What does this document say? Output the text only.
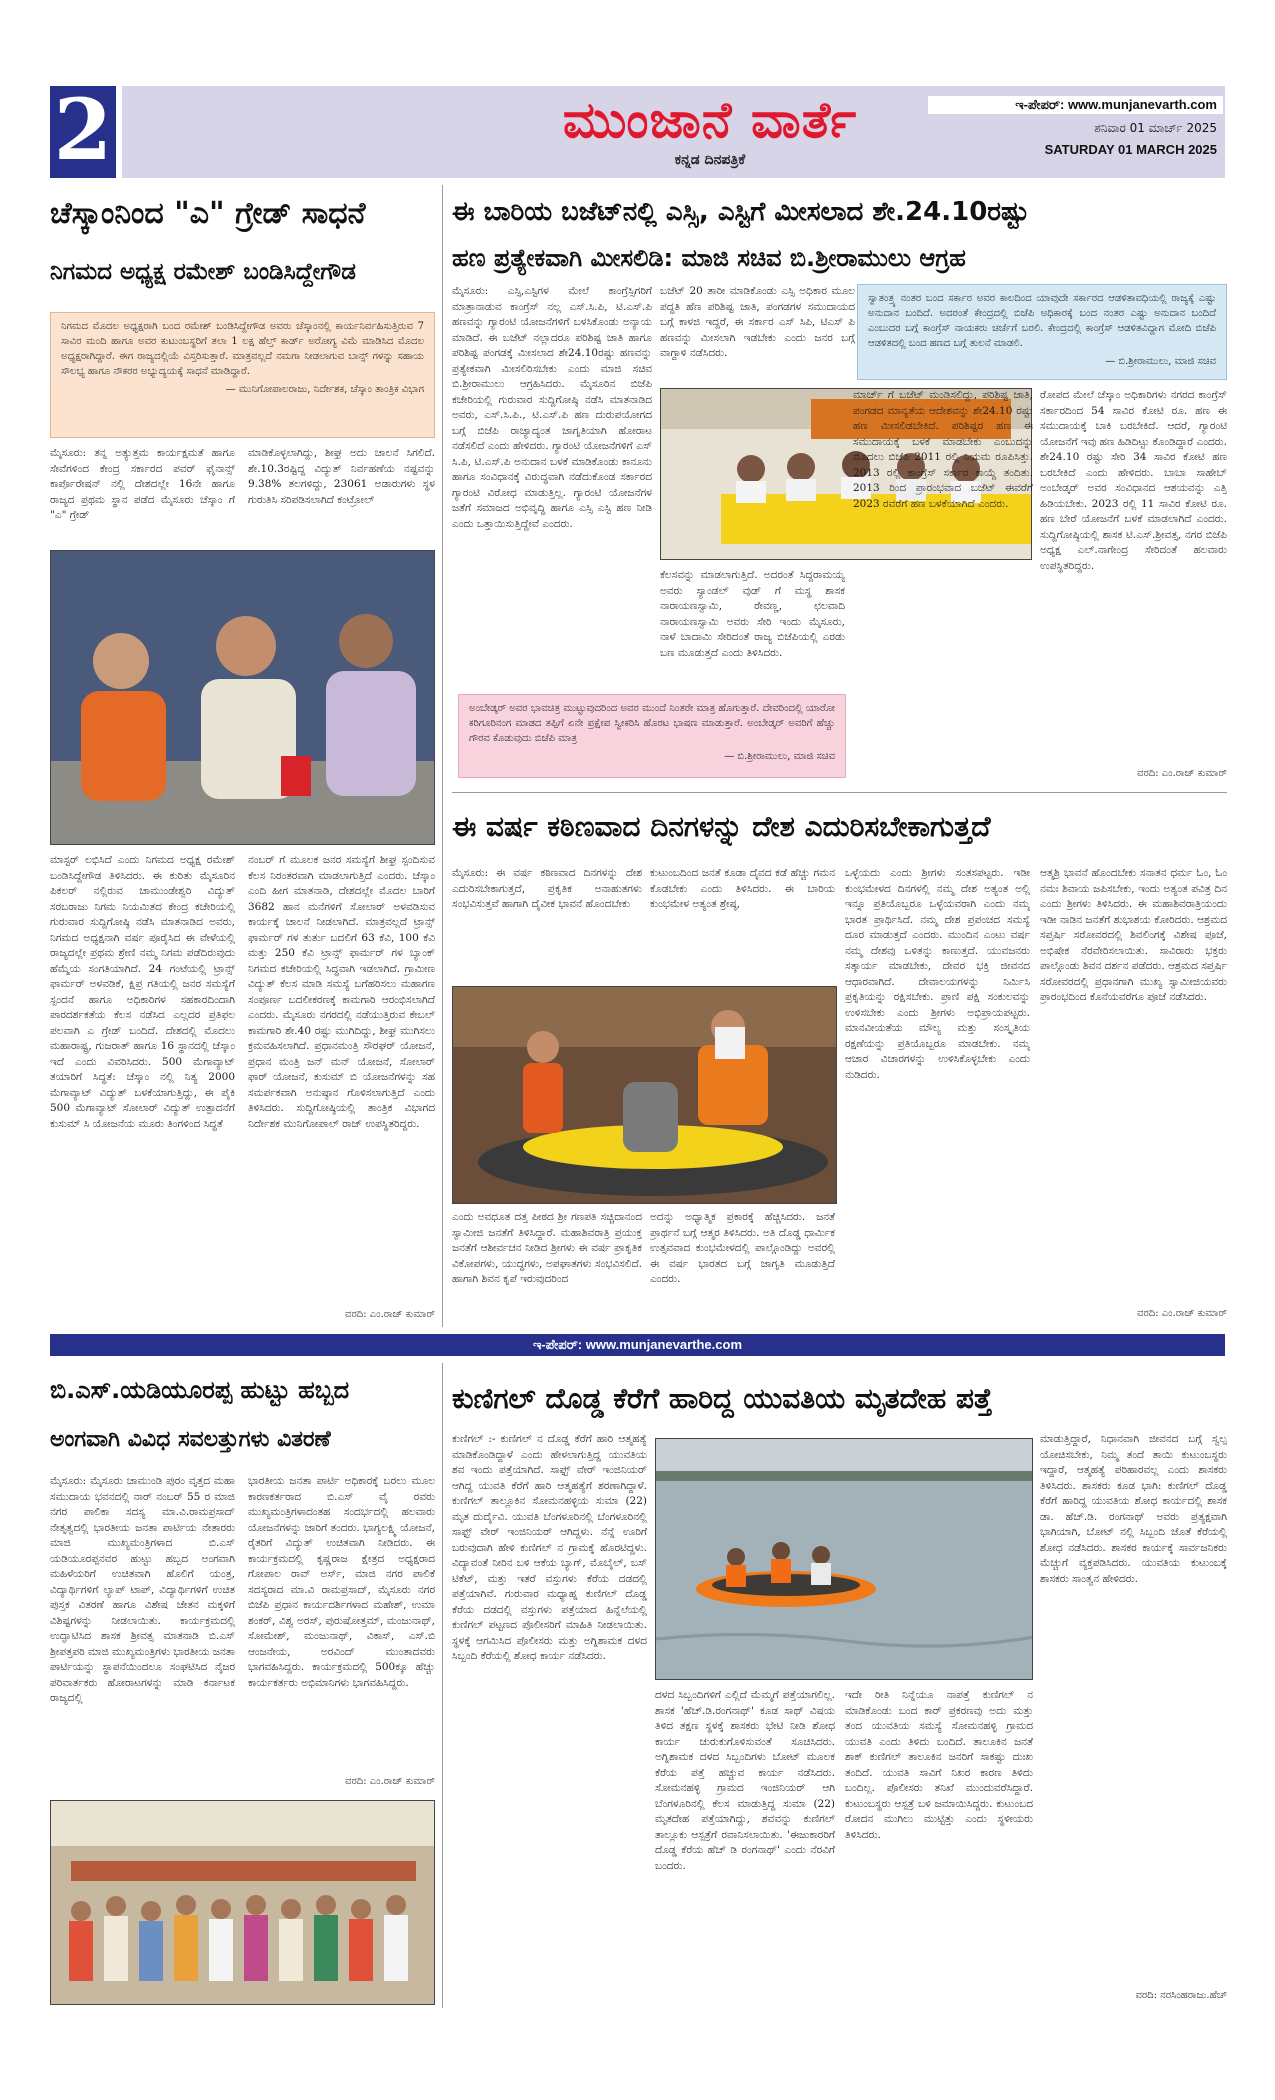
2	ಮುಂಜಾನೆ ವಾರ್ತೆ
ಕನ್ನಡ ದಿನಪತ್ರಿಕೆ
ಇ-ಪೇಪರ್: www.munjanevarth.com
ಶನಿವಾರ 01 ಮಾರ್ಚ್ 2025
SATURDAY 01 MARCH 2025
ಚೆಸ್ಕಾಂನಿಂದ "ಎ" ಗ್ರೇಡ್ ಸಾಧನೆ
ನಿಗಮದ ಅಧ್ಯಕ್ಷ ರಮೇಶ್ ಬಂಡಿಸಿದ್ದೇಗೌಡ
ನಿಗಮದ ಮೊದಲ ಅಧ್ಯಕ್ಷರಾಗಿ ಬಂದ ರಮೇಶ್ ಬಂಡಿಸಿದ್ದೇಗೌಡ ಅವರು ಚೆಸ್ಕಾಂನಲ್ಲಿ ಕಾರ್ಯನಿರ್ವಹಿಸುತ್ತಿರುವ 7 ಸಾವಿರ ಮಂದಿ ಹಾಗೂ ಅವರ ಕುಟುಂಬಸ್ಥರಿಗೆ ತಲಾ 1 ಲಕ್ಷ ಹೆಲ್ತ್ ಕಾರ್ಡ್ ಅರೋಗ್ಯ ವಿಮೆ ಮಾಡಿಸಿದ ಮೊದಲ ಅಧ್ಯಕ್ಷರಾಗಿದ್ದಾರೆ. ಈಗ ರಾಜ್ಯದಲ್ಲಿಯೆ ವಿಸ್ತರಿಸುತ್ತಾರೆ. ಮಾತ್ರವಲ್ಲದೆ ನಮಗಾ ನೀಡಲಾಗುವ ಬಾನ್ಸ್ ಗಳನ್ನು ಸಹಾಯ ಸೌಲಭ್ಯ ಹಾಗೂ ನೌಕರರ ಅಭ್ಯುದ್ಯಯಕ್ಕೆ ಸಾಧನೆ ಮಾಡಿದ್ದಾರೆ.
— ಮುನಿಗೋಪಾಲರಾಜು, ನಿರ್ದೇಶಕ, ಚೆಸ್ಕಾಂ ತಾಂತ್ರಿಕ ವಿಭಾಗ
ಮೈಸೂರು: ತನ್ನ ಅತ್ಯುತ್ತಮ ಕಾರ್ಯಕ್ಷಮತೆ ಹಾಗೂ ಸೇವೆಗಳಿಂದ ಕೇಂದ್ರ ಸರ್ಕಾರದ ಪವರ್ ಫೈನಾನ್ಸ್ ಕಾರ್ಪೊರೇಷನ್ ನಲ್ಲಿ ದೇಶದಲ್ಲೇ 16ನೇ ಹಾಗೂ ರಾಜ್ಯದ ಪ್ರಥಮ ಸ್ಥಾನ ಪಡೆದ ಮೈಸೂರು ಚೆಸ್ಕಾಂ ಗೆ "ಎ" ಗ್ರೇಡ್
ಮಾಡಿಕೊಳ್ಳಲಾಗಿದ್ದು, ಶೀಘ್ರ ಅದು ಚಾಲನೆ ಸಿಗಲಿದೆ. ಶೇ.10.3ರಷ್ಟಿದ್ದ ವಿದ್ಯುತ್ ನಿರ್ವಹಣೆಯ ನಷ್ಟವನ್ನು 9.38% ತಲಗಳಿದ್ದು, 23061 ಅಡಾರುಗಳು ಸ್ಥಳ ಗುರುತಿಸಿ ಸರಿಪಡಿಸಲಾಗಿದೆ ಕಂಟ್ರೋಲ್
ಮಾಸ್ಟರ್ ಲಭಿಸಿದೆ ಎಂದು ನಿಗಮದ ಅಧ್ಯಕ್ಷ ರಮೇಶ್ ಬಂಡಿಸಿದ್ದೇಗೌಡ ತಿಳಿಸಿದರು. ಈ ಕುರಿತು ಮೈಸೂರಿನ ಪಿಕಲರ್ ನಲ್ಲಿರುವ ಚಾಮುಂಡೇಶ್ವರಿ ವಿದ್ಯುತ್ ಸರಬರಾಜು ನಿಗಮ ನಿಯಮಿತದ ಕೇಂದ್ರ ಕಚೇರಿಯಲ್ಲಿ ಗುರುವಾರ ಸುದ್ದಿಗೋಷ್ಠಿ ನಡೆಸಿ ಮಾತನಾಡಿದ ಅವರು, ನಿಗಮದ ಅಧ್ಯಕ್ಷನಾಗಿ ವರ್ಷ ಪೂರೈಸಿದ ಈ ವೇಳೆಯಲ್ಲಿ ರಾಜ್ಯದಲ್ಲೇ ಪ್ರಥಮ ಶ್ರೇಣಿ ನಮ್ಮ ನಿಗಮ ಪಡೆದಿರುವುದು ಹೆಮ್ಮೆಯ ಸಂಗತಿಯಾಗಿದೆ. 24 ಗಂಟೆಯಲ್ಲಿ ಟ್ರಾನ್ಸ್ ಫಾರ್ಮರ್ ಅಳವಡಿಕೆ, ಕ್ಷಿಪ್ರ ಗತಿಯಲ್ಲಿ ಜನರ ಸಮಸ್ಯೆಗೆ ಸ್ಪಂದನೆ ಹಾಗೂ ಅಧಿಕಾರಿಗಳ ಸಹಕಾರದಿಂದಾಗಿ ಪಾರದರ್ಶಕತೆಯ ಕೆಲಸ ನಡೆಸಿದ ಎಲ್ಲದರ ಪ್ರತಿಫಲ ಪಲವಾಗಿ ಎ ಗ್ರೇಡ್ ಬಂದಿದೆ. ದೇಶದಲ್ಲಿ ಮೊದಲು ಮಹಾರಾಷ್ಟ್ರ, ಗುಜರಾತ್ ಹಾಗೂ 16 ಸ್ಥಾನದಲ್ಲಿ ಚೆಸ್ಕಾಂ ಇದೆ ಎಂದು ವಿವರಿಸಿದರು. 500 ಮೆಗಾವ್ಯಾಟ್ ತಯಾರಿಗೆ ಸಿದ್ಧತೆ: ಚೆಸ್ಕಾಂ ನಲ್ಲಿ ನಿತ್ಯ 2000 ಮೆಗಾವ್ಯಾಟ್ ವಿದ್ಯುತ್ ಬಳಕೆಯಾಗುತ್ತಿದ್ದು, ಈ ಪೈಕಿ 500 ಮೆಗಾವ್ಯಾಟ್ ಸೋಲಾರ್ ವಿದ್ಯುತ್ ಉತ್ಪಾದನೆಗೆ ಕುಸುಮ್ ಸಿ ಯೋಜನೆಯ ಮೂರು ತಿಂಗಳಿಂದ ಸಿದ್ಧತೆ
ನಂಬರ್ ಗೆ ಮೂಲಕ ಜನರ ಸಮಸ್ಯೆಗೆ ಶೀಘ್ರ ಸ್ಪಂದಿಸುವ ಕೆಲಸ ನಿರಂತರವಾಗಿ ಮಾಡಲಾಗುತ್ತಿದೆ ಎಂದರು. ಚೆಸ್ಕಾಂ ಎಂದಿ ಹೀಗ ಮಾತನಾಡಿ, ದೇಶದಲ್ಲೇ ಮೊದಲ ಬಾರಿಗೆ 3682 ಹಾನ ಮನೆಗಳಿಗೆ ಸೋಲಾರ್ ಅಳವಡಿಸುವ ಕಾರ್ಯಕ್ಕೆ ಚಾಲನೆ ನೀಡಲಾಗಿದೆ. ಮಾತ್ರವಲ್ಲದೆ ಟ್ರಾನ್ಸ್ ಫಾರ್ಮರ್ ಗಳ ತುರ್ತು ಬದಲಿಗೆ 63 ಕೆವಿ, 100 ಕೆವಿ ಮತ್ತು 250 ಕೆವಿ ಟ್ರಾನ್ಸ್ ಫಾರ್ಮರ್ ಗಳ ಬ್ಯಾಂಕ್ ನಿಗಮದ ಕಚೇರಿಯಲ್ಲಿ ಸಿದ್ಧವಾಗಿ ಇಡಲಾಗಿದೆ. ಗ್ರಾಮೀಣ ವಿದ್ಯುತ್ ಕೆಲಸ ಮಾಡಿ ಸಮಸ್ಯೆ ಬಗೆಹರಿಸಲು ಮಹಾಗಣ ಸಂಪೂರ್ಣ ಬದಲೀಕರಣಕ್ಕೆ ಕಾಮಗಾರಿ ಆರಂಭಿಸಲಾಗಿದೆ ಎಂದರು. ಮೈಸೂರು ನಗರದಲ್ಲಿ ನಡೆಯುತ್ತಿರುವ ಕೇಬಲ್ ಕಾಮಗಾರಿ ಶೇ.40 ರಷ್ಟು ಮುಗಿದಿದ್ದು, ಶೀಘ್ರ ಮುಗಿಸಲು ಕ್ರಮವಹಿಸಲಾಗಿದೆ. ಪ್ರಧಾನಮಂತ್ರಿ ಸೌರಘರ್ ಯೋಜನೆ, ಪ್ರಧಾನ ಮಂತ್ರಿ ಜನ್ ಮನ್ ಯೋಜನೆ, ಸೋಲಾರ್ ಫಾರ್ ಯೋಜನೆ, ಕುಸುಮ್ ಬಿ ಯೋಜನೆಗಳನ್ನು ಸಹ ಸಮರ್ಪಕವಾಗಿ ಅನುಷ್ಠಾನ ಗೊಳಿಸಲಾಗುತ್ತಿದೆ ಎಂದು ತಿಳಿಸಿದರು. ಸುದ್ದಿಗೋಷ್ಠಿಯಲ್ಲಿ ತಾಂತ್ರಿಕ ವಿಭಾಗದ ನಿರ್ದೇಶಕ ಮುನಿಗೋಪಾಲ್ ರಾಜ್ ಉಪಸ್ಥಿತರಿದ್ದರು.
ವರದಿ: ಎಂ.ರಾಜ್ ಕುಮಾರ್
ಈ ಬಾರಿಯ ಬಜೆಟ್‌ನಲ್ಲಿ ಎಸ್ಸಿ, ಎಸ್ಟಿಗೆ ಮೀಸಲಾದ ಶೇ.24.10ರಷ್ಟು
ಹಣ ಪ್ರತ್ಯೇಕವಾಗಿ ಮೀಸಲಿಡಿ: ಮಾಜಿ ಸಚಿವ ಬಿ.ಶ್ರೀರಾಮುಲು ಆಗ್ರಹ
ಮೈಸೂರು: ಎಸ್ಸಿ,ಎಸ್ಟಿಗಳ ಮೇಲೆ ಕಾಂಗ್ರೆಸ್ಸಿಗರಿಗೆ ಮಾತ್ರಾನಾಡುವ ಕಾಂಗ್ರೆಸ್ ನಲ್ಲ ಎಸ್.ಸಿ.ಪಿ, ಟಿ.ಎಸ್.ಪಿ ಹಣವನ್ನು ಗ್ಯಾರಂಟಿ ಯೋಜನೆಗಳಿಗೆ ಬಳಸಿಕೊಂಡು ಅನ್ಯಾಯ ಮಾಡಿದೆ. ಈ ಬಜೆಟ್ ನಲ್ಲಾದರೂ ಪರಿಶಿಷ್ಟ ಜಾತಿ ಹಾಗೂ ಪರಿಶಿಷ್ಟ ಪಂಗಡಕ್ಕೆ ಮೀಸಲಾದ ಶೇ24.10ರಷ್ಟು ಹಣವನ್ನು ಪ್ರತ್ಯೇಕವಾಗಿ ಮೀಸಲಿರಿಸಬೇಕು ಎಂದು ಮಾಜಿ ಸಚಿವ ಬಿ.ಶ್ರೀರಾಮುಲು ಆಗ್ರಹಿಸಿದರು. ಮೈಸೂರಿನ ಬಿಜೆಪಿ ಕಚೇರಿಯಲ್ಲಿ ಗುರುವಾರ ಸುದ್ದಿಗೋಷ್ಠಿ ನಡೆಸಿ ಮಾತನಾಡಿದ ಅವರು, ಎಸ್.ಸಿ.ಪಿ., ಟಿ.ಎಸ್.ಪಿ ಹಣ ದುರುಪಯೋಗದ ಬಗ್ಗೆ ಬಿಜೆಪಿ ರಾಜ್ಯಾದ್ಯಂತ ಜಾಗೃತಿಯಾಗಿ ಹೋರಾಟ ನಡೆಸಲಿದೆ ಎಂದು ಹೇಳಿದರು. ಗ್ಯಾರಂಟಿ ಯೋಜನೆಗಳಿಗೆ ಎಸ್ ಸಿ.ಪಿ, ಟಿ.ಎಸ್.ಪಿ ಅನುದಾನ ಬಳಕೆ ಮಾಡಿಕೊಂಡು ಕಾನೂನು ಹಾಗೂ ಸಂವಿಧಾನಕ್ಕೆ ವಿರುದ್ಧವಾಗಿ ನಡೆದುಕೊಂಡ ಸರ್ಕಾರದ ಗ್ಯಾರಂಟಿ ವಿರೋಧ ಮಾಡುತ್ತಿಲ್ಲ. ಗ್ಯಾರಂಟಿ ಯೋಜನೆಗಳ ಜತೆಗೆ ಸಮಾಜದ ಅಭಿವೃದ್ಧಿ ಹಾಗೂ ಎಸ್ಸಿ ಎಸ್ಟಿ ಹಣ ನೀಡಿ ಎಂದು ಒತ್ತಾಯಿಸುತ್ತಿದ್ದೇವೆ ಎಂದರು.
ಬಜೆಟ್ 20 ತಾರೀ ಮಾಡಿಕೊಂಡು ಎಸ್ಸಿ ಅಧಿಕಾರ ಮೂಲ ಪದ್ಧತಿ ಹೆಣ ಪರಿಶಿಷ್ಟ ಜಾತಿ, ಪಂಗಡಗಳ ಸಮುದಾಯದ ಬಗ್ಗೆ ಕಾಳಜಿ ಇದ್ದರೆ, ಈ ಸರ್ಕಾರ ಎಸ್ ಸಿಪಿ, ಟಿಎಸ್ ಪಿ ಹಣವನ್ನು ಮೀಸಲಾಗಿ ಇಡಬೇಕು ಎಂದು ಜನರ ಬಗ್ಗೆ ವಾಗ್ದಾಳಿ ನಡೆಸಿದರು.
ಸ್ವಾತಂತ್ರ್ಯ ನಂತರ ಬಂದ ಸರ್ಕಾರ ಅವರ ಕಾಲದಿಂದ ಯಾವುದೇ ಸರ್ಕಾರದ ಆಡಳಿತಾವಧಿಯಲ್ಲಿ ರಾಜ್ಯಕ್ಕೆ ಎಷ್ಟು ಅನುದಾನ ಬಂದಿದೆ. ಅದರಂತೆ ಕೇಂದ್ರದಲ್ಲಿ ಬಿಜೆಪಿ ಅಧಿಕಾರಕ್ಕೆ ಬಂದ ನಂತರ ಎಷ್ಟು ಅನುದಾನ ಬಂದಿದೆ ಎಂಬುದರ ಬಗ್ಗೆ ಕಾಂಗ್ರೆಸ್ ನಾಯಕರು ಚರ್ಚೆಗೆ ಬರಲಿ. ಕೇಂದ್ರದಲ್ಲಿ ಕಾಂಗ್ರೆಸ್ ಆಡಳಿತವಿದ್ದಾಗ ಮೋದಿ ಬಿಜೆಪಿ ಆಡಳಿತದಲ್ಲಿ ಬಂದ ಹಣದ ಬಗ್ಗೆ ತುಲನೆ ಮಾಡಲಿ.
— ಬಿ.ಶ್ರೀರಾಮುಲು, ಮಾಜಿ ಸಚಿವ
ಕೆಲಸವನ್ನು ಮಾಡಲಾಗುತ್ತಿದೆ. ಅದರಂತೆ ಸಿದ್ದರಾಮಯ್ಯ ಅವರು ಸ್ಯಾಂಡಲ್ ವುಡ್ ಗೆ ಮಸ್ಥ ಶಾಸಕ ನಾರಾಯಣಸ್ವಾಮಿ, ರೇವಣ್ಣ, ಛಲವಾದಿ ನಾರಾಯಣಸ್ವಾಮಿ ಅವರು ಸೇರಿ ಇಂದು ಮೈಸೂರು, ನಾಳೆ ಬಾದಾಮಿ ಸೇರಿದಂತೆ ರಾಜ್ಯ ಬಿಜೆಪಿಯಲ್ಲಿ ಎರಡು ಬಣ ಮೂಡುತ್ತದೆ ಎಂದು ತಿಳಿಸಿದರು.
ಮಾರ್ಚ್ ಗೆ ಬಜೆಟ್ ಮಂಡಿಸಲಿದ್ದು, ಪರಿಶಿಷ್ಟ ಜಾತಿ, ಪಂಗಡದ ಮಾನ್ಯತೆಯ ಆದೇಶವನ್ನು ಶೇ24.10 ರಷ್ಟು ಹಣ ಮೀಸಲಿಡಬೇಕಿದೆ. ಪರಿಶಿಷ್ಟರ ಹಣ ಈ ಸಮುದಾಯಕ್ಕೆ ಬಳಕೆ ಮಾಡಬೇಕು ಎಂಬುದನ್ನು ಮೊದಲು ಬಿಜೆಪಿ 2011 ರಲ್ಲಿ ನಿಯಮ ರೂಪಿಸಿತ್ತು. 2013 ರಲ್ಲಿ ಕಾಂಗ್ರೆಸ್ ಸರ್ಕಾರ ಕಾಯ್ದೆ ತಂದಿತು. 2013 ರಿಂದ ಪ್ರಾರಂಭವಾದ ಬಜೆಟ್ ಈವರೆಗೆ 2023 ರವರೆಗೆ ಹಣ ಬಳಕೆಯಾಗಿದೆ ಎಂದರು.
ರೋಪದ ಮೇಲೆ ಚೆಸ್ಕಾಂ ಅಧಿಕಾರಿಗಳು ನಗರದ ಕಾಂಗ್ರೆಸ್ ಸರ್ಕಾರದಿಂದ 54 ಸಾವಿರ ಕೋಟಿ ರೂ. ಹಣ ಈ ಸಮುದಾಯಕ್ಕೆ ಬಾಕಿ ಬರಬೇಕಿದೆ. ಆದರೆ, ಗ್ಯಾರಂಟಿ ಯೋಜನೆಗೆ ಇವು ಹಣ ಹಿಡಿದಿಟ್ಟು ಕೊಂಡಿದ್ದಾರೆ ಎಂದರು. ಶೇ24.10 ರಷ್ಟು ಸೇರಿ 34 ಸಾವಿರ ಕೋಟಿ ಹಣ ಬರಬೇಕಿದೆ ಎಂದು ಹೇಳಿದರು. ಬಾಬಾ ಸಾಹೇಬ್ ಅಂಬೇಡ್ಕರ್ ಅವರ ಸಂವಿಧಾನದ ಆಶಯವನ್ನು ಎತ್ತಿ ಹಿಡಿಯಬೇಕು. 2023 ರಲ್ಲಿ 11 ಸಾವಿರ ಕೋಟಿ ರೂ. ಹಣ ಬೇರೆ ಯೋಜನೆಗೆ ಬಳಕೆ ಮಾಡಲಾಗಿದೆ ಎಂದರು. ಸುದ್ದಿಗೋಷ್ಠಿಯಲ್ಲಿ ಶಾಸಕ ಟಿ.ಎಸ್.ಶ್ರೀವತ್ಸ, ನಗರ ಬಿಜೆಪಿ ಅಧ್ಯಕ್ಷ ಎಲ್.ನಾಗೇಂದ್ರ ಸೇರಿದಂತೆ ಹಲವಾರು ಉಪಸ್ಥಿತರಿದ್ದರು.
ಅಂಬೇಡ್ಕರ್ ಅವರ ಭಾವಚಿತ್ರ ಮುಟ್ಟುವುದರಿಂದ ಅವರ ಮುಂದೆ ನಿಂತರೇ ಮಾತ್ರ ಹೊಗುತ್ತಾರೆ. ದೇವರಿಂದಲ್ಲಿ ಯಾರೋ ಕರಿಗೂರಿನಂಗ ಮಾಡದ ತಪ್ಪಿಗೆ ಏನೇ ಪ್ರಕ್ಷೇಪ ಸ್ವೀಕರಿಸಿ ಹೊರಟ ಭಾಷಣ ಮಾಡುತ್ತಾರೆ. ಅಂಬೇಡ್ಕರ್ ಅವರಿಗೆ ಹೆಚ್ಚು ಗೌರವ ಕೊಡುವುದು ಬಿಜೆಪಿ ಮಾತ್ರ
— ಬಿ.ಶ್ರೀರಾಮುಲು, ಮಾಜಿ ಸಚಿವ
ವರದಿ: ಎಂ.ರಾಜ್ ಕುಮಾರ್
ಈ ವರ್ಷ ಕಠಿಣವಾದ ದಿನಗಳನ್ನು ದೇಶ ಎದುರಿಸಬೇಕಾಗುತ್ತದೆ
ಮೈಸೂರು: ಈ ವರ್ಷ ಕಠಿಣವಾದ ದಿನಗಳನ್ನು ದೇಶ ಎದುರಿಸಬೇಕಾಗುತ್ತದೆ, ಪ್ರಕೃತಿಕ ಅನಾಹುತಗಳು ಸಂಭವಿಸುತ್ತವೆ ಹಾಗಾಗಿ ದೈವೀಕ ಭಾವನೆ ಹೊಂದಬೇಕು
ಕುಟುಂಬದಿಂದ ಜನತೆ ಕೂಡಾ ದೈವದ ಕಡೆ ಹೆಚ್ಚು ಗಮನ ಕೊಡಬೇಕು ಎಂದು ತಿಳಿಸಿದರು. ಈ ಬಾರಿಯ ಕುಂಭಮೇಳ ಅತ್ಯಂತ ಶ್ರೇಷ್ಠ,
ಎಂದು ಅವಧೂತ ದತ್ತ ಪೀಠದ ಶ್ರೀ ಗಣಪತಿ ಸಚ್ಚಿದಾನಂದ ಸ್ವಾಮೀಜಿ ಜನತೆಗೆ ತಿಳಿಸಿದ್ದಾರೆ. ಮಹಾಶಿವರಾತ್ರಿ ಪ್ರಯುಕ್ತ ಜನತೆಗೆ ಆಶೀರ್ವಚನ ನೀಡಿದ ಶ್ರೀಗಳು ಈ ವರ್ಷ ಪ್ರಾಕೃತಿಕ ವಿಕೋಪಗಳು, ಯುದ್ಧಗಳು, ಅಪಘಾತಗಳು ಸಂಭವಿಸಲಿದೆ. ಹಾಗಾಗಿ ಶಿವನ ಕೃಪೆ ಇರುವುದರಿಂದ
ಅದನ್ನು ಅಧ್ಯಾತ್ಮಿಕ ಪ್ರಕಾರಕ್ಕೆ ಹೆಚ್ಚಿಸಿದರು. ಜನತೆ ಪ್ರಾರ್ಥನೆ ಬಗ್ಗೆ ಆತ್ಮರ ತಿಳಿಸಿದರು. ಅತಿ ದೊಡ್ಡ ಧಾರ್ಮಿಕ ಉತ್ಸವವಾದ ಕುಂಭಮೇಳದಲ್ಲಿ ಪಾಲ್ಗೊಂಡಿದ್ದು ಅವರಲ್ಲಿ ಈ ವರ್ಷ ಭಾರತದ ಬಗ್ಗೆ ಜಾಗೃತಿ ಮೂಡುತ್ತಿದೆ ಎಂದರು.
ಒಳ್ಳೆಯದು ಎಂದು ಶ್ರೀಗಳು ಸಂತಸಪಟ್ಟರು. ಇಡೀ ಕುಂಭಮೇಳದ ದಿನಗಳಲ್ಲಿ ನಮ್ಮ ದೇಶ ಅತ್ಯಂತ ಅಲ್ಲಿ ಇನ್ನೂ ಪ್ರತಿಯೊಬ್ಬರೂ ಒಳ್ಳೆಯವರಾಗಿ ಎಂದು ನಮ್ಮ ಭಾರತ ಪ್ರಾರ್ಥಿಸಿದೆ. ನಮ್ಮ ದೇಶ ಪ್ರಪಂಚದ ಸಮಸ್ಯೆ ದೂರ ಮಾಡುತ್ತದೆ ಎಂದರು. ಮುಂದಿನ ಎಂಟು ವರ್ಷ ನಮ್ಮ ದೇಶವು ಒಳಿತನ್ನು ಕಾಣುತ್ತದೆ. ಯುವಜನರು ಸತ್ಕಾರ್ಯ ಮಾಡಬೇಕು, ದೇವರ ಭಕ್ತಿ ಜೀವನದ ಆಧಾರವಾಗಿದೆ. ದೇವಾಲಯಗಳನ್ನು ನಿರ್ಮಿಸಿ ಪ್ರಕೃತಿಯನ್ನು ರಕ್ಷಿಸಬೇಕು. ಪ್ರಾಣಿ ಪಕ್ಷಿ ಸಂಕುಲವನ್ನು ಉಳಿಸಬೇಕು ಎಂದು ಶ್ರೀಗಳು ಅಭಿಪ್ರಾಯಪಟ್ಟರು. ಮಾನವೀಯತೆಯ ಮೌಲ್ಯ ಮತ್ತು ಸಂಸ್ಕೃತಿಯ ರಕ್ಷಣೆಯನ್ನು ಪ್ರತಿಯೊಬ್ಬರೂ ಮಾಡಬೇಕು. ನಮ್ಮ ಆಚಾರ ವಿಚಾರಗಳನ್ನು ಉಳಿಸಿಕೊಳ್ಳಬೇಕು ಎಂದು ನುಡಿದರು.
ಆತ್ಮಶ್ರಿ ಭಾವನೆ ಹೊಂದಬೇಕು ಸನಾತನ ಧರ್ಮ ಓಂ, ಓಂ ನಮಃ ಶಿವಾಯ ಜಪಿಸಬೇಕು, ಇಂದು ಅತ್ಯಂತ ಪವಿತ್ರ ದಿನ ಎಂದು ಶ್ರೀಗಳು ತಿಳಿಸಿದರು. ಈ ಮಹಾಶಿವರಾತ್ರಿಯಂದು ಇಡೀ ನಾಡಿನ ಜನತೆಗೆ ಶುಭಾಶಯ ಕೋರಿದರು. ಆಶ್ರಮದ ಸಪ್ತರ್ಷಿ ಸರೋವರದಲ್ಲಿ ಶಿವಲಿಂಗಕ್ಕೆ ವಿಶೇಷ ಪೂಜೆ, ಅಭಿಷೇಕ ನೆರವೇರಿಸಲಾಯಿತು. ಸಾವಿರಾರು ಭಕ್ತರು ಪಾಲ್ಗೊಂಡು ಶಿವನ ದರ್ಶನ ಪಡೆದರು. ಆಶ್ರಮದ ಸಪ್ತರ್ಷಿ ಸರೋವರದಲ್ಲಿ ಪ್ರಧಾನಗಾಗಿ ಮುಖ್ಯ ಸ್ವಾಮೀಜಿಯವರು ಪ್ರಾರಂಭದಿಂದ ಕೊನೆಯವರೆಗೂ ಪೂಜೆ ನಡೆಸಿದರು.
ವರದಿ: ಎಂ.ರಾಜ್ ಕುಮಾರ್
ಇ-ಪೇಪರ್: www.munjanevarthe.com
ಬಿ.ಎಸ್.ಯಡಿಯೂರಪ್ಪ ಹುಟ್ಟು ಹಬ್ಬದ
ಅಂಗವಾಗಿ ವಿವಿಧ ಸವಲತ್ತುಗಳು ವಿತರಣೆ
ಮೈಸೂರು: ಮೈಸೂರು ಚಾಮುಂಡಿ ಪುರಂ ವೃತ್ತದ ಮಹಾ ಸಮುದಾಯ ಭವನದಲ್ಲಿ ನಾರ್ ನಂಬರ್ 55 ರ ಮಾಜಿ ನಗರ ಪಾಲಿಕಾ ಸದಸ್ಯ ಮಾ.ವಿ.ರಾಮಪ್ರಸಾದ್ ನೇತೃತ್ವದಲ್ಲಿ ಭಾರತೀಯ ಜನತಾ ಪಾರ್ಟಿಯ ನೇತಾರರು ಮಾಜಿ ಮುಖ್ಯಮಂತ್ರಿಗಳಾದ ಬಿ.ಎಸ್ ಯಡಿಯೂರಪ್ಪನವರ ಹುಟ್ಟು ಹಬ್ಬದ ಅಂಗವಾಗಿ ಮಹಿಳೆಯರಿಗೆ ಉಚಿತವಾಗಿ ಹೊಲಿಗೆ ಯಂತ್ರ, ವಿದ್ಯಾರ್ಥಿಗಳಿಗೆ ಲ್ಯಾಪ್ ಟಾಪ್, ವಿದ್ಯಾರ್ಥಿಗಳಿಗೆ ಉಚಿತ ಪುಸ್ತಕ ವಿತರಣೆ ಹಾಗೂ ವಿಶೇಷ ಚೇತನ ಮಕ್ಕಳಿಗೆ ವಿಶಿಷ್ಟಗಳನ್ನು ನೀಡಲಾಯಿತು. ಕಾರ್ಯಕ್ರಮದಲ್ಲಿ ಉದ್ಘಾಟಿಸಿದ ಶಾಸಕ ಶ್ರೀವತ್ಸ ಮಾತನಾಡಿ ಬಿ.ಎಸ್ ಶ್ರೀಪತ್ತಪರಿ ಮಾಜಿ ಮುಖ್ಯಮಂತ್ರಿಗಳು ಭಾರತೀಯ ಜನತಾ ಪಾರ್ಟಿಯನ್ನು ಸ್ಥಾಪನೆಯಿಂದಲೂ ಸಂಘಟಿಸಿದ ನೈಜರ ಪರಿವಾರ್ತಕರು ಹೋರಾಟಗಳನ್ನು ಮಾಡಿ ಕರ್ನಾಟಕ ರಾಜ್ಯದಲ್ಲಿ
ಭಾರತೀಯ ಜನತಾ ಪಾರ್ಟಿ ಅಧಿಕಾರಕ್ಕೆ ಬರಲು ಮೂಲ ಕಾರಣಕರ್ತರಾದ ಬಿ.ಎಸ್ ವೈ ರವರು ಮುಖ್ಯಮಂತ್ರಿಗಳಾದಂತಹ ಸಂದರ್ಭದಲ್ಲಿ ಹಲವಾರು ಯೋಜನೆಗಳನ್ನು ಜಾರಿಗೆ ತಂದರು. ಭಾಗ್ಯಲಕ್ಷ್ಮಿ ಯೋಜನೆ, ರೈತರಿಗೆ ವಿದ್ಯುತ್ ಉಚಿತವಾಗಿ ನೀಡಿದರು. ಈ ಕಾರ್ಯಕ್ರಮದಲ್ಲಿ ಕೃಷ್ಣರಾಜ ಕ್ಷೇತ್ರದ ಅಧ್ಯಕ್ಷರಾದ ಗೋಪಾಲ ರಾವ್ ಅರ್ಸ್, ಮಾಜಿ ನಗರ ಪಾಲಿಕೆ ಸದಸ್ಯರಾದ ಮಾ.ವಿ ರಾಮಪ್ರಸಾದ್, ಮೈಸೂರು ನಗರ ಬಿಜೆಪಿ ಪ್ರಧಾನ ಕಾರ್ಯದರ್ಶಿಗಳಾದ ಮಹೇಶ್, ಉಮಾ ಶಂಕರ್, ವಿಶ್ವ ಅರಸ್, ಪುರುಷೋತ್ತಮ್, ಮಂಜುನಾಥ್, ಸೋಮೇಶ್, ಮಂಜುನಾಥ್, ವಿಕಾಸ್, ಎಸ್.ಬಿ ಆಂಜನೇಯ, ಅರವಿಂದ್ ಮುಂತಾದವರು ಭಾಗವಹಿಸಿದ್ದರು. ಕಾರ್ಯಕ್ರಮದಲ್ಲಿ 500ಕ್ಕೂ ಹೆಚ್ಚು ಕಾರ್ಯಕರ್ತರು ಅಭಿಮಾನಿಗಳು ಭಾಗವಹಿಸಿದ್ದರು.
ವರದಿ: ಎಂ.ರಾಜ್ ಕುಮಾರ್
ಕುಣಿಗಲ್ ದೊಡ್ಡ ಕೆರೆಗೆ ಹಾರಿದ್ದ ಯುವತಿಯ ಮೃತದೇಹ ಪತ್ತೆ
ಕುಣಿಗಲ್ :- ಕುಣಿಗಲ್ ನ ದೊಡ್ಡ ಕೆರೆಗೆ ಹಾರಿ ಆತ್ಮಹತ್ಯೆ ಮಾಡಿಕೊಂಡಿದ್ದಾಳೆ ಎಂದು ಹೇಳಲಾಗುತ್ತಿದ್ದ ಯುವತಿಯ ಶವ ಇಂದು ಪತ್ತೆಯಾಗಿದೆ. ಸಾಫ್ಟ್ ವೇರ್ ಇಂಜಿನಿಯರ್ ಆಗಿದ್ದ ಯುವತಿ ಕೆರೆಗೆ ಹಾರಿ ಆತ್ಮಹತ್ಯೆಗೆ ಶರಣಾಗಿದ್ದಾಳೆ. ಕುಣಿಗಲ್ ತಾಲ್ಲೂಕಿನ ಸೋಮನಹಳ್ಳಿಯ ಸುಮಾ (22) ಮೃತ ದುರ್ದೈವಿ. ಯುವತಿ ಬೆಂಗಳೂರಿನಲ್ಲಿ ಬೆಂಗಳೂರಿನಲ್ಲಿ ಸಾಫ್ಟ್ ವೇರ್ ಇಂಜಿನಿಯರ್ ಆಗಿದ್ದಳು. ನೆನ್ನೆ ಊರಿಗೆ ಬರುವುದಾಗಿ ಹೇಳಿ ಕುಣಿಗಲ್ ನ ಗ್ರಾಮಕ್ಕೆ ಹೊರಟಿದ್ದಳು. ವಿದ್ಯಾವಂತೆ ನೀರಿನ ಬಳಿ ಆಕೆಯ ಬ್ಯಾಗ್, ಮೊಬೈಲ್, ಬಸ್ ಟಿಕೆಟ್, ಮತ್ತು ಇತರೆ ವಸ್ತುಗಳು ಕೆರೆಯ ದಡದಲ್ಲಿ ಪತ್ತೆಯಾಗಿವೆ. ಗುರುವಾರ ಮಧ್ಯಾಹ್ನ ಕುಣಿಗಲ್ ದೊಡ್ಡ ಕೆರೆಯ ದಡದಲ್ಲಿ ವಸ್ತುಗಳು ಪತ್ತೆಯಾದ ಹಿನ್ನೆಲೆಯಲ್ಲಿ ಕುಣಿಗಲ್ ಪಟ್ಟಣದ ಪೊಲೀಸರಿಗೆ ಮಾಹಿತಿ ನೀಡಲಾಯಿತು. ಸ್ಥಳಕ್ಕೆ ಆಗಮಿಸಿದ ಪೊಲೀಸರು ಮತ್ತು ಅಗ್ನಿಶಾಮಕ ದಳದ ಸಿಬ್ಬಂದಿ ಕೆರೆಯಲ್ಲಿ ಶೋಧ ಕಾರ್ಯ ನಡೆಸಿದರು.
ದಳದ ಸಿಬ್ಬಂದಿಗಳಿಗೆ ಎಲ್ಲಿದೆ ಮೆಮ್ಮಗೆ ಪತ್ತೆಯಾಗಲಿಲ್ಲ. ಶಾಸಕ 'ಹೆಚ್.ಡಿ.ರಂಗನಾಥ್' ಕೂಡ ಸಾಥ್ ವಿಷಯ ತಿಳಿದ ತಕ್ಷಣ ಸ್ಥಳಕ್ಕೆ ಶಾಸಕರು ಭೇಟಿ ನೀಡಿ ಶೋಧ ಕಾರ್ಯ ಚುರುಕುಗೊಳಿಸುವಂತೆ ಸೂಚಿಸಿದರು. ಅಗ್ನಿಶಾಮಕ ದಳದ ಸಿಬ್ಬಂದಿಗಳು ಬೋಟ್ ಮೂಲಕ ಕೆರೆಯ ಪತ್ತೆ ಹಚ್ಚುವ ಕಾರ್ಯ ನಡೆಸಿದರು. ಸೋಮನಹಳ್ಳಿ ಗ್ರಾಮದ ಇಂಜಿನಿಯರ್ ಆಗಿ ಬೆಂಗಳೂರಿನಲ್ಲಿ ಕೆಲಸ ಮಾಡುತ್ತಿದ್ದ ಸುಮಾ (22) ಮೃತದೇಹ ಪತ್ತೆಯಾಗಿದ್ದು, ಶವವನ್ನು ಕುಣಿಗಲ್ ತಾಲ್ಲೂಕು ಆಸ್ಪತ್ರೆಗೆ ರವಾನಿಸಲಾಯಿತು. 'ಈಜುಕಾರರಿಗೆ ದೊಡ್ಡ ಕೆರೆಯ ಹೆಚ್ ಡಿ ರಂಗನಾಥ್' ಎಂದು ನೆರವಿಗೆ ಬಂದರು.
ಇದೇ ರೀತಿ ನಿನ್ನೆಯೂ ನಾಪತ್ತೆ ಕುಣಿಗಲ್ ನ ಮಾಡಿಕೊಂಡು ಬಂದ ಕಾರ್ ಪ್ರಕರಣವು ಅದು ಮತ್ತು ತಂದ ಯುವತಿಯ ಸಮಸ್ಯೆ ಸೋಮನಹಳ್ಳಿ ಗ್ರಾಮದ ಯುವತಿ ಎಂದು ತಿಳಿದು ಬಂದಿದೆ. ತಾಲೂಕಿನ ಜನತೆ ಶಾಕ್ ಕುಣಿಗಲ್ ತಾಲೂಕಿನ ಜನರಿಗೆ ಸಾಕಷ್ಟು ದುಃಖ ತಂದಿದೆ. ಯುವತಿ ಸಾವಿಗೆ ನಿಖರ ಕಾರಣ ತಿಳಿದು ಬಂದಿಲ್ಲ. ಪೊಲೀಸರು ತನಿಖೆ ಮುಂದುವರೆಸಿದ್ದಾರೆ. ಕುಟುಂಬಸ್ಥರು ಆಸ್ಪತ್ರೆ ಬಳಿ ಜಮಾಯಿಸಿದ್ದರು. ಕುಟುಂಬದ ರೋದನ ಮುಗಿಲು ಮುಟ್ಟಿತ್ತು ಎಂದು ಸ್ಥಳೀಯರು ತಿಳಿಸಿದರು.
ಮಾಡುತ್ತಿದ್ದಾರೆ, ನಿಧಾನವಾಗಿ ಜೀವನದ ಬಗ್ಗೆ ಸ್ವಲ್ಪ ಯೋಚಿಸಬೇಕು, ನಿಮ್ಮ ತಂದೆ ತಾಯಿ ಕುಟುಂಬಸ್ಥರು ಇದ್ದಾರೆ, ಆತ್ಮಹತ್ಯೆ ಪರಿಹಾರವಲ್ಲ ಎಂದು ಶಾಸಕರು ತಿಳಿಸಿದರು. ಶಾಸಕರು ಕೂಡ ಭಾಗಿ: ಕುಣಿಗಲ್ ದೊಡ್ಡ ಕೆರೆಗೆ ಹಾರಿದ್ದ ಯುವತಿಯ ಶೋಧ ಕಾರ್ಯದಲ್ಲಿ ಶಾಸಕ ಡಾ. ಹೆಚ್.ಡಿ. ರಂಗನಾಥ್ ಅವರು ಪ್ರತ್ಯಕ್ಷವಾಗಿ ಭಾಗಿಯಾಗಿ, ಬೋಟ್ ನಲ್ಲಿ ಸಿಬ್ಬಂದಿ ಜೊತೆ ಕೆರೆಯಲ್ಲಿ ಶೋಧ ನಡೆಸಿದರು. ಶಾಸಕರ ಕಾರ್ಯಕ್ಕೆ ಸಾರ್ವಜನಿಕರು ಮೆಚ್ಚುಗೆ ವ್ಯಕ್ತಪಡಿಸಿದರು. ಯುವತಿಯ ಕುಟುಂಬಕ್ಕೆ ಶಾಸಕರು ಸಾಂತ್ವನ ಹೇಳಿದರು.
ವರದಿ: ನರಸಿಂಹರಾಜು.ಹೆಚ್
